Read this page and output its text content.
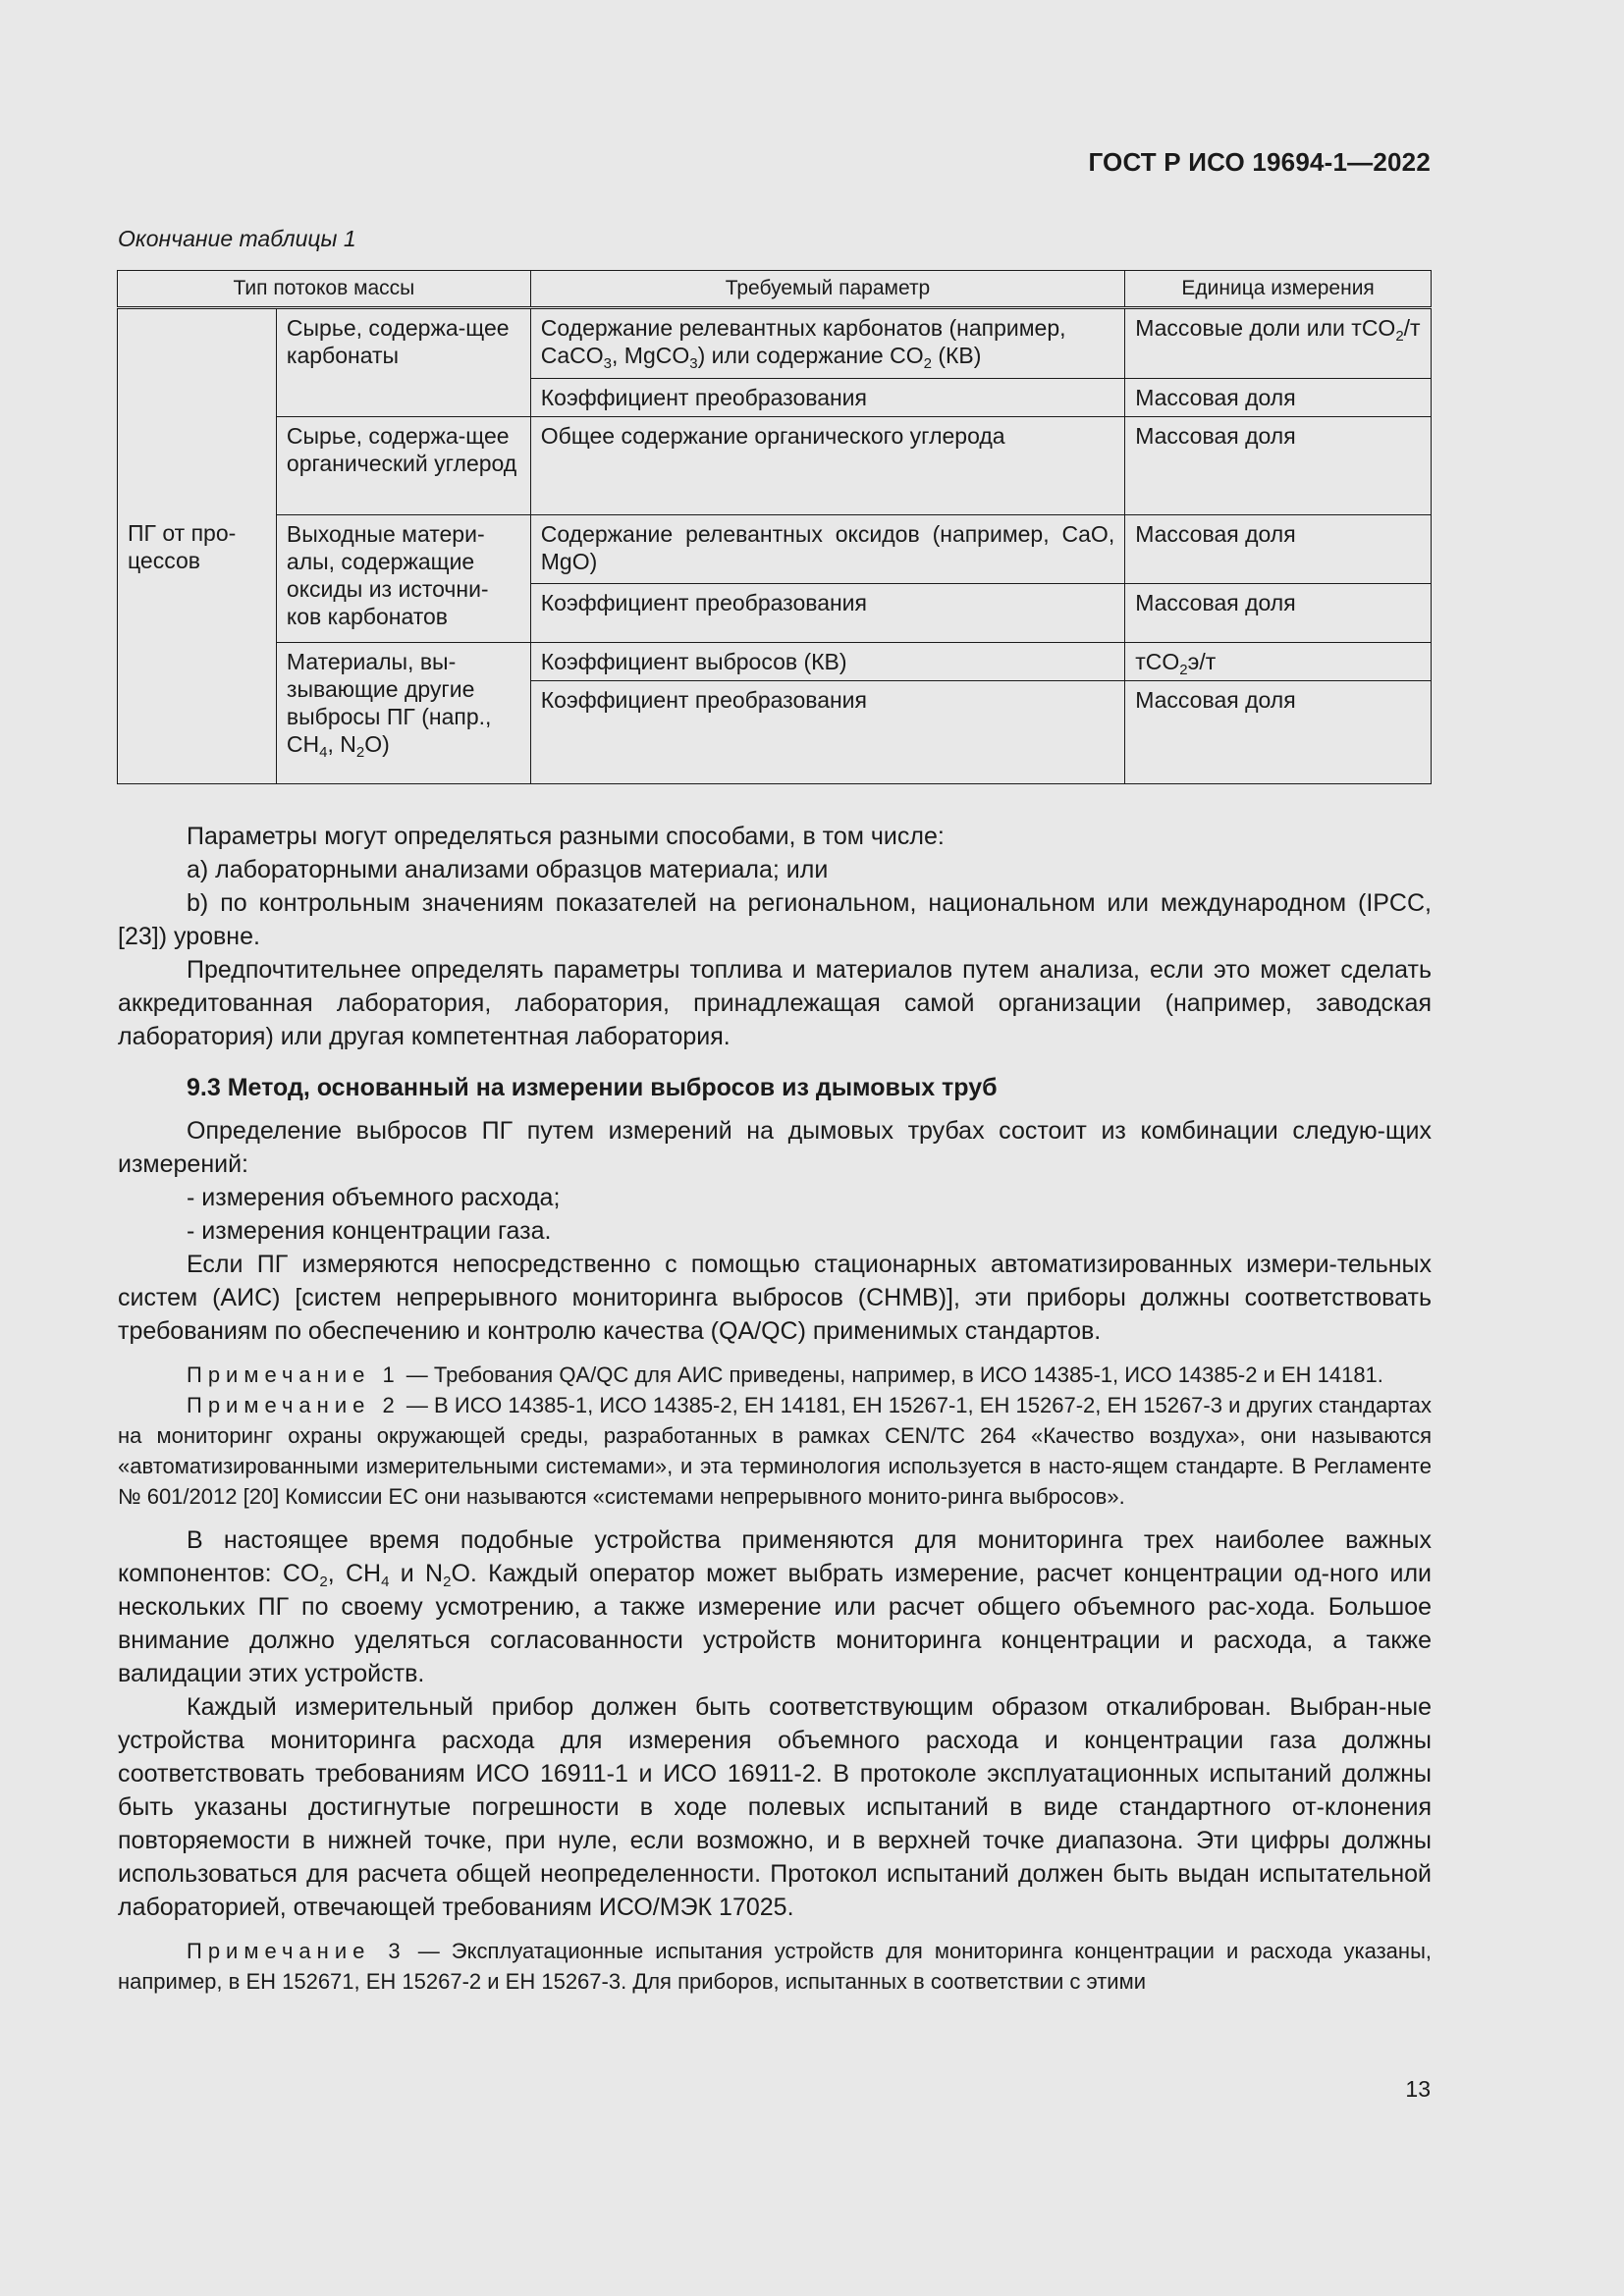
ГОСТ Р ИСО 19694-1—2022
Окончание таблицы 1
Тип потоков массы		Требуемый параметр	Единица измерения
ПГ от про-цессов	Сырье, содержа-щее карбонаты	Содержание релевантных карбонатов (например, CaCO$_3$, MgCO$_3$) или содержание $CO_2$ (КВ)	Массовые доли или тCO$_2$/т
		Коэффициент преобразования	Массовая доля
	Сырье, содержа-щее органический углерод	Общее содержание органического углерода	Массовая доля
	Выходные матери-алы, содержащие оксиды из источни-ков карбонатов	Содержание релевантных оксидов (например, CaO, MgO)	Массовая доля
		Коэффициент преобразования	Массовая доля
	Материалы, вы-зывающие другие выбросы ПГ (напр., $CH_4$, $N_2O$)	Коэффициент выбросов (КВ)	тCO$_2$э/т
		Коэффициент преобразования	Массовая доля

Параметры могут определяться разными способами, в том числе:

a) лабораторными анализами образцов материала; или

b) по контрольным значениям показателей на региональном, национальном или международном (IPCC, [23]) уровне.

Предпочтительнее определять параметры топлива и материалов путем анализа, если это может сделать аккредитованная лаборатория, лаборатория, принадлежащая самой организации (например, заводская лаборатория) или другая компетентная лаборатория.

9.3 Метод, основанный на измерении выбросов из дымовых труб

Определение выбросов ПГ путем измерений на дымовых трубах состоит из комбинации следую-щих измерений:

- измерения объемного расхода;

- измерения концентрации газа.

Если ПГ измеряются непосредственно с помощью стационарных автоматизированных измери-тельных систем (АИС) [систем непрерывного мониторинга выбросов (СНМВ)], эти приборы должны соответствовать требованиям по обеспечению и контролю качества (QA/QC) применимых стандартов.

Примечание 1 — Требования QA/QC для АИС приведены, например, в ИСО 14385-1, ИСО 14385-2 и ЕН 14181.

Примечание 2 — В ИСО 14385-1, ИСО 14385-2, ЕН 14181, ЕН 15267-1, ЕН 15267-2, ЕН 15267-3 и других стандартах на мониторинг охраны окружающей среды, разработанных в рамках CEN/TC 264 «Качество воздуха», они называются «автоматизированными измерительными системами», и эта терминология используется в насто-ящем стандарте. В Регламенте № 601/2012 [20] Комиссии ЕС они называются «системами непрерывного монито-ринга выбросов».

В настоящее время подобные устройства применяются для мониторинга трех наиболее важных компонентов: $CO_2$, $CH_4$ и $N_2O$. Каждый оператор может выбрать измерение, расчет концентрации од-ного или нескольких ПГ по своему усмотрению, а также измерение или расчет общего объемного рас-хода. Большое внимание должно уделяться согласованности устройств мониторинга концентрации и расхода, а также валидации этих устройств.

Каждый измерительный прибор должен быть соответствующим образом откалиброван. Выбран-ные устройства мониторинга расхода для измерения объемного расхода и концентрации газа должны соответствовать требованиям ИСО 16911-1 и ИСО 16911-2. В протоколе эксплуатационных испытаний должны быть указаны достигнутые погрешности в ходе полевых испытаний в виде стандартного от-клонения повторяемости в нижней точке, при нуле, если возможно, и в верхней точке диапазона. Эти цифры должны использоваться для расчета общей неопределенности. Протокол испытаний должен быть выдан испытательной лабораторией, отвечающей требованиям ИСО/МЭК 17025.

Примечание 3 — Эксплуатационные испытания устройств для мониторинга концентрации и расхода указаны, например, в ЕН 152671, ЕН 15267-2 и ЕН 15267-3. Для приборов, испытанных в соответствии с этими

13
